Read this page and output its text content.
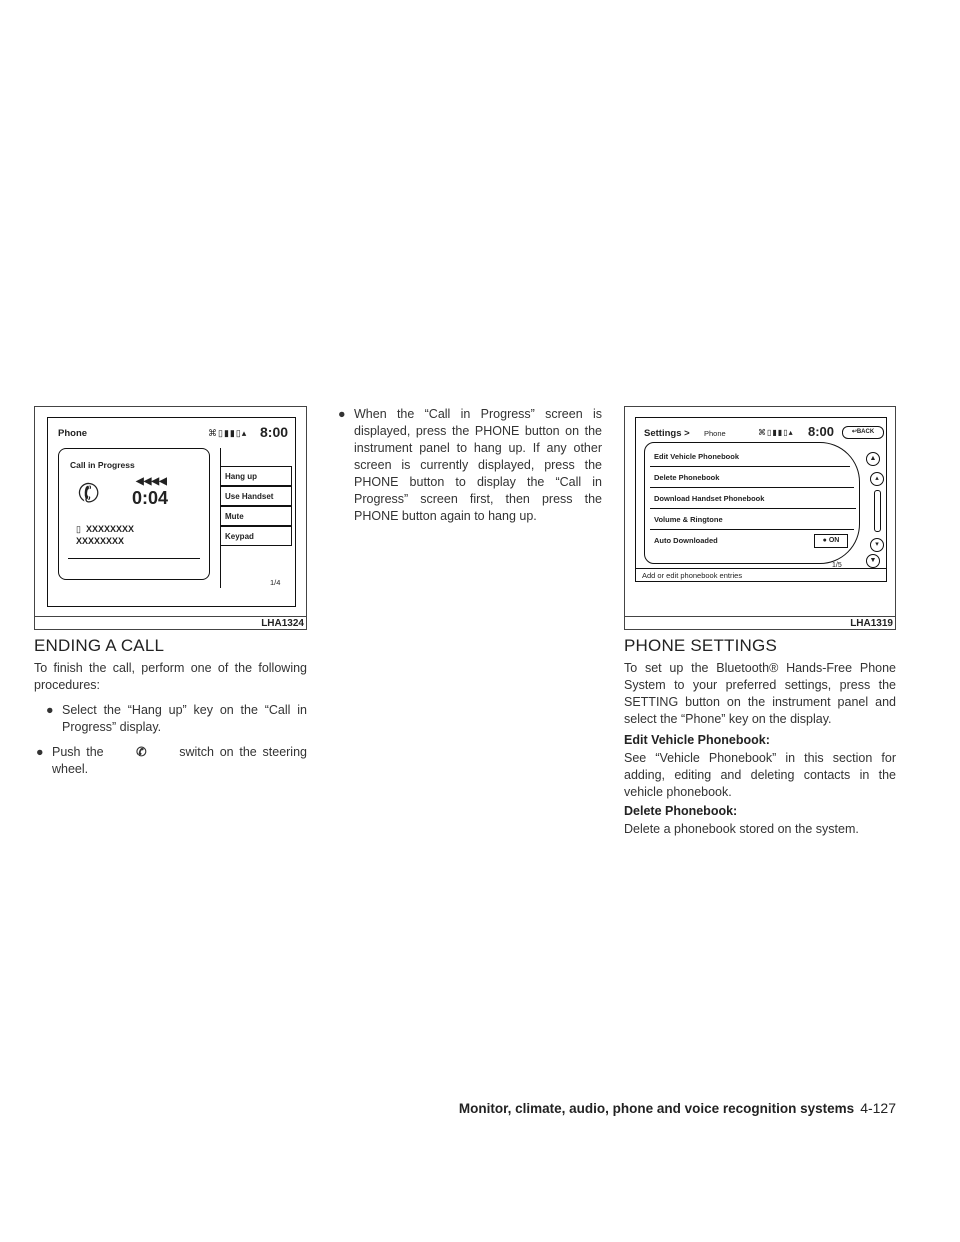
Phone	⌘▯▮▮▯▴ 8:00
Call in Progress
✆	◀◀◀◀
0:04
▯ XXXXXXXX
XXXXXXXX
Hang up
Use Handset
Mute
Keypad
1/4
LHA1324
Settings > Phone	⌘▯▮▮▯▴ 8:00	↩BACK
Edit Vehicle Phonebook
Delete Phonebook
Download Handset Phonebook
Volume & Ringtone
Auto Downloaded	● ON
1/5
▲
▴
▾
▼
Add or edit phonebook entries
LHA1319
ENDING A CALL
To finish the call, perform one of the following procedures:
● Select the “Hang up” key on the “Call in Progress” display.
● Push the	✆	switch on the steering wheel.
● When the “Call in Progress” screen is displayed, press the PHONE button on the instrument panel to hang up. If any other screen is currently displayed, press the PHONE button to display the “Call in Progress” screen first, then press the PHONE button again to hang up.
PHONE SETTINGS
To set up the Bluetooth® Hands-Free Phone System to your preferred settings, press the SETTING button on the instrument panel and select the “Phone” key on the display.
Edit Vehicle Phonebook:
See “Vehicle Phonebook” in this section for adding, editing and deleting contacts in the vehicle phonebook.
Delete Phonebook:
Delete a phonebook stored on the system.
Monitor, climate, audio, phone and voice recognition systems 4-127
